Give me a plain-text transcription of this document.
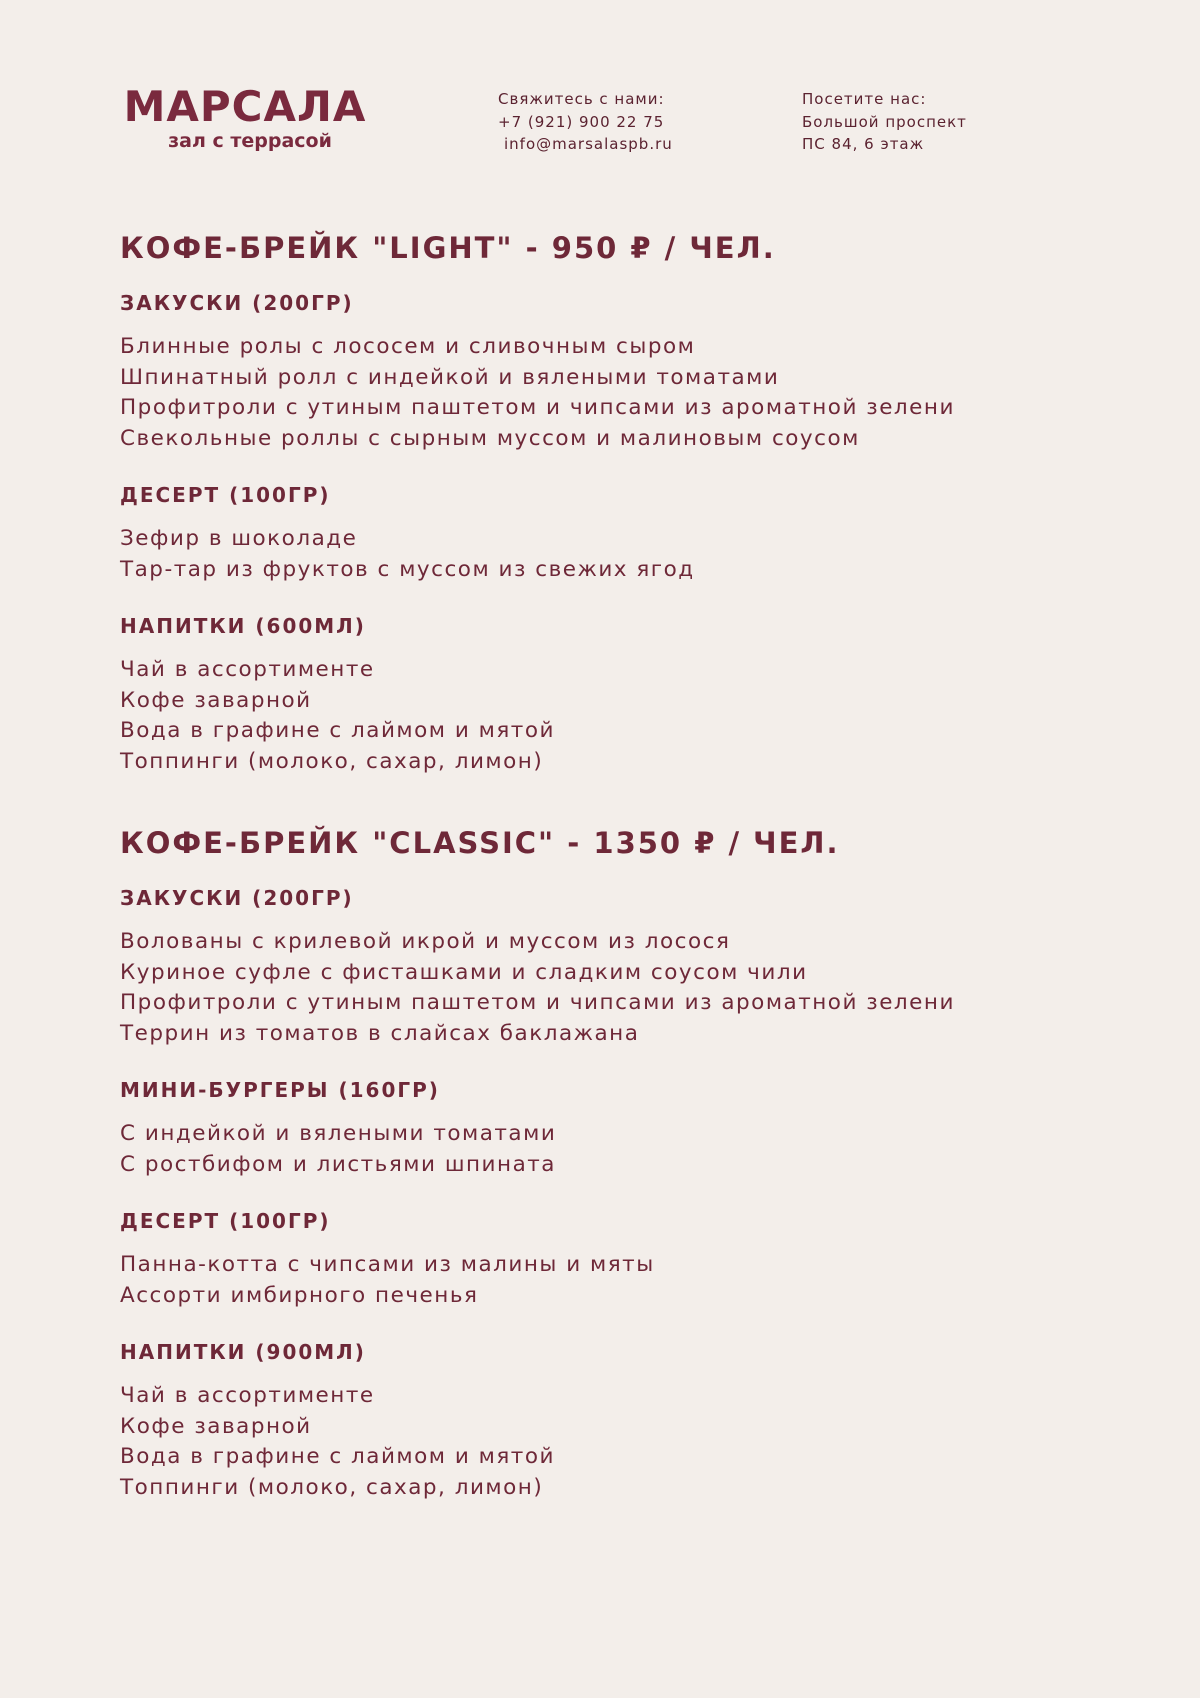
МАРСАЛА
зал с террасой
Свяжитесь с нами:
+7 (921) 900 22 75
info@marsalaspb.ru
Посетите нас:
Большой проспект
ПС 84, 6 этаж
КОФЕ-БРЕЙК "LIGHT" - 950 ₽ / ЧЕЛ.
ЗАКУСКИ (200ГР)
Блинные ролы с лососем и сливочным сыром
Шпинатный ролл с индейкой и вялеными томатами
Профитроли с утиным паштетом и чипсами из ароматной зелени
Свекольные роллы с сырным муссом и малиновым соусом
ДЕСЕРТ (100ГР)
Зефир в шоколаде
Тар-тар из фруктов с муссом из свежих ягод
НАПИТКИ (600МЛ)
Чай в ассортименте
Кофе заварной
Вода в графине с лаймом и мятой
Топпинги (молоко, сахар, лимон)
КОФЕ-БРЕЙК "CLASSIC" - 1350 ₽ / ЧЕЛ.
ЗАКУСКИ (200ГР)
Волованы с крилевой икрой и муссом из лосося
Куриное суфле с фисташками и сладким соусом чили
Профитроли с утиным паштетом и чипсами из ароматной зелени
Террин из томатов в слайсах баклажана
МИНИ-БУРГЕРЫ (160ГР)
С индейкой и вялеными томатами
С ростбифом и листьями шпината
ДЕСЕРТ (100ГР)
Панна-котта с чипсами из малины и мяты
Ассорти имбирного печенья
НАПИТКИ (900МЛ)
Чай в ассортименте
Кофе заварной
Вода в графине с лаймом и мятой
Топпинги (молоко, сахар, лимон)
